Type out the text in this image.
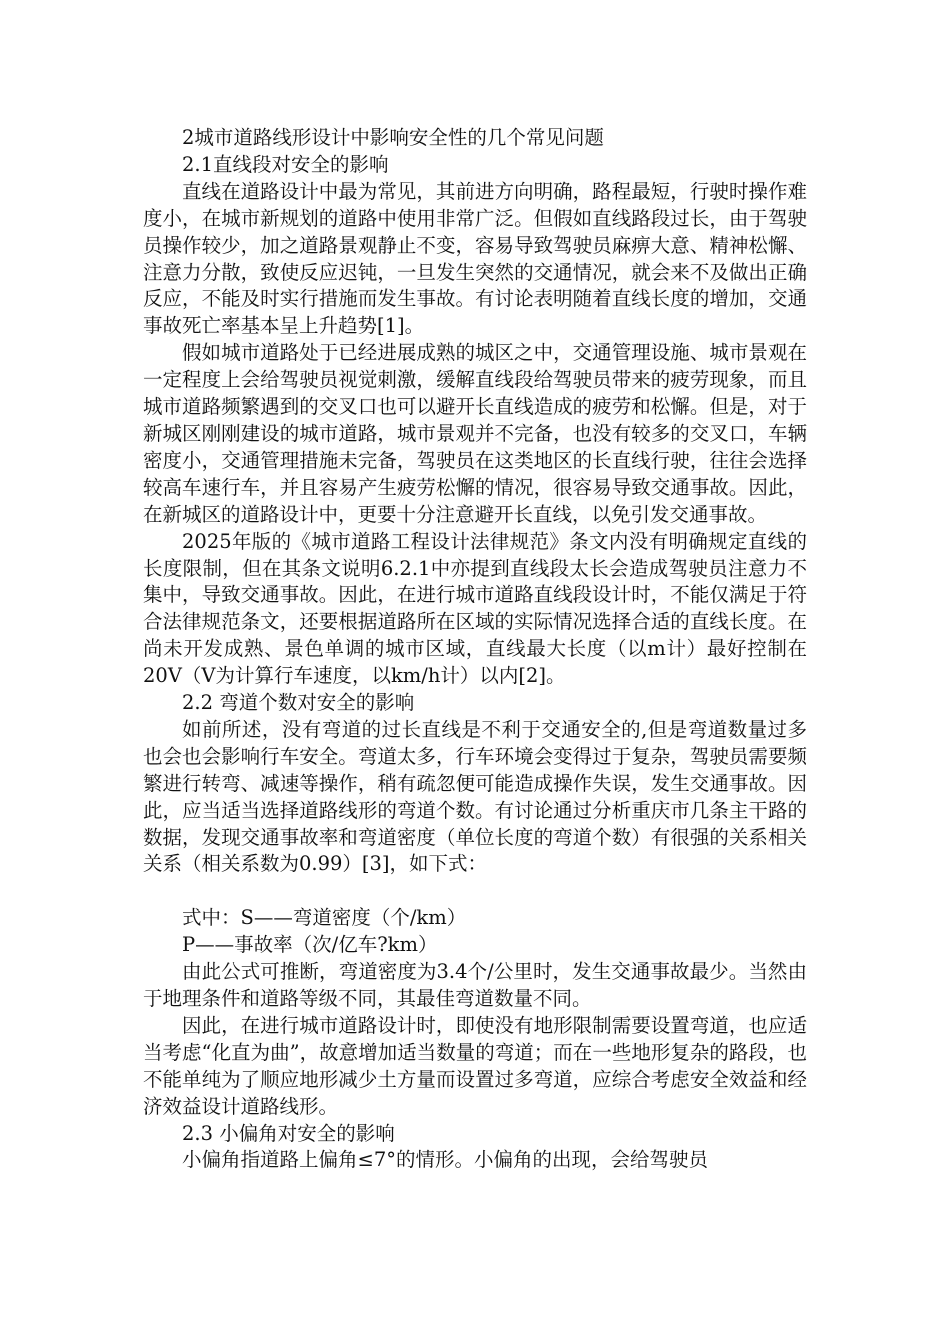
2城市道路线形设计中影响安全性的几个常见问题

2.1直线段对安全的影响

直线在道路设计中最为常见，其前进方向明确，路程最短，行驶时操作难度小，在城市新规划的道路中使用非常广泛。但假如直线路段过长，由于驾驶员操作较少，加之道路景观静止不变，容易导致驾驶员麻痹大意、精神松懈、注意力分散，致使反应迟钝，一旦发生突然的交通情况，就会来不及做出正确反应，不能及时实行措施而发生事故。有讨论表明随着直线长度的增加，交通事故死亡率基本呈上升趋势[1]。

假如城市道路处于已经进展成熟的城区之中，交通管理设施、城市景观在一定程度上会给驾驶员视觉刺激，缓解直线段给驾驶员带来的疲劳现象，而且城市道路频繁遇到的交叉口也可以避开长直线造成的疲劳和松懈。但是，对于新城区刚刚建设的城市道路，城市景观并不完备，也没有较多的交叉口，车辆密度小，交通管理措施未完备，驾驶员在这类地区的长直线行驶，往往会选择较高车速行车，并且容易产生疲劳松懈的情况，很容易导致交通事故。因此，在新城区的道路设计中，更要十分注意避开长直线，以免引发交通事故。

2025年版的《城市道路工程设计法律规范》条文内没有明确规定直线的长度限制，但在其条文说明6.2.1中亦提到直线段太长会造成驾驶员注意力不集中，导致交通事故。因此，在进行城市道路直线段设计时，不能仅满足于符合法律规范条文，还要根据道路所在区域的实际情况选择合适的直线长度。在尚未开发成熟、景色单调的城市区域，直线最大长度（以m计）最好控制在20V（V为计算行车速度，以km/h计）以内[2]。

2.2 弯道个数对安全的影响

如前所述，没有弯道的过长直线是不利于交通安全的,但是弯道数量过多也会也会影响行车安全。弯道太多，行车环境会变得过于复杂，驾驶员需要频繁进行转弯、减速等操作，稍有疏忽便可能造成操作失误，发生交通事故。因此，应当适当选择道路线形的弯道个数。有讨论通过分析重庆市几条主干路的数据，发现交通事故率和弯道密度（单位长度的弯道个数）有很强的关系相关关系（相关系数为0.99）[3]，如下式：

式中：S——弯道密度（个/km）

P——事故率（次/亿车?km）

由此公式可推断，弯道密度为3.4个/公里时，发生交通事故最少。当然由于地理条件和道路等级不同，其最佳弯道数量不同。

因此，在进行城市道路设计时，即使没有地形限制需要设置弯道，也应适当考虑“化直为曲”，故意增加适当数量的弯道；而在一些地形复杂的路段，也不能单纯为了顺应地形减少土方量而设置过多弯道，应综合考虑安全效益和经济效益设计道路线形。

2.3 小偏角对安全的影响

小偏角指道路上偏角≤7°的情形。小偏角的出现，会给驾驶员
